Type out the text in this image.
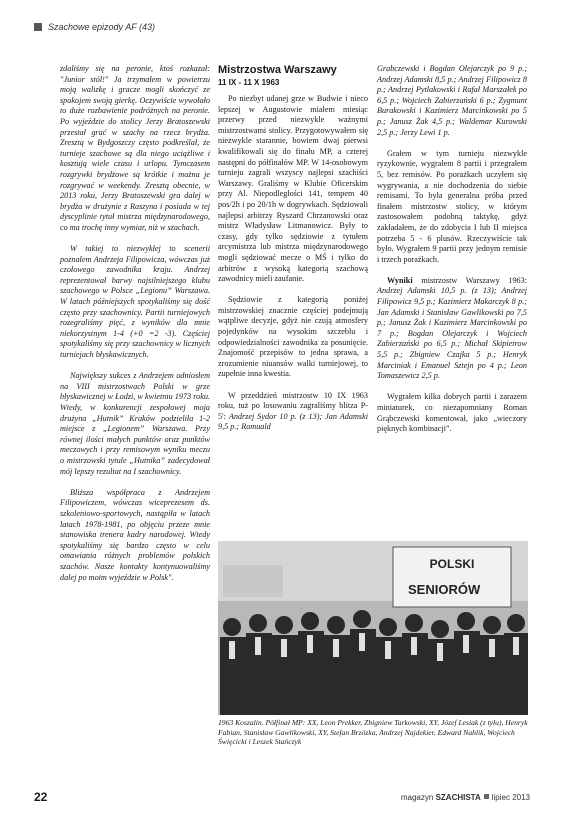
Szachowe epizody AF (43)

zdaliśmy się na peronie, ktoś rozkazał: "Junior stól!" Ja trzymałem w powietrzu moją walizkę i gracze mogli skończyć ze spokojem swoją gierkę. Oczywiście wywołało to duże rozbawienie podróżnych na peronie. Po wyjeździe do stolicy Jerzy Bratoszewski przestał grać w szachy na rzecz brydża. Zresztą w Bydgoszczy często podkreślał, że turnieje szachowe są dla niego uciążliwe i kosztują wiele czasu i urlopu. Tymczasem rozgrywki brydżowe są krótkie i można je rozgrywać w weekendy. Zresztą obecnie, w 2013 roku, Jerzy Bratoszewski gra dalej w brydża w drużynie z Raszyna i posiada w tej dyscyplinie tytuł mistrza międzynarodowego, co ma trochę inny wymiar, niż w szachach.

W takiej to niezwykłej to scenerii poznałem Andrzeja Filipowicza, wówczas już czołowego zawodnika kraju. Andrzej reprezentował barwy najsilniejszego klubu szachowego w Polsce „Legionu” Warszawa. W latach późniejszych spotykaliśmy się dość często przy szachownicy. Partii turniejowych rozegraliśmy pięć, z wyników dla mnie niekorzystnym 1-4 (+0 =2 -3). Częściej spotykaliśmy się przy szachownicy w licznych turniejach błyskawicznych.

Największy sukces z Andrzejem odniosłem na VIII mistrzostwach Polski w grze błyskawicznej w Łodzi, w kwietniu 1973 roku. Wtedy, w konkurencji zespołowej moja drużyna „Hutnik” Kraków podzieliła 1-2 miejsce z „Legionem” Warszawa. Przy równej ilości małych punktów oraz punktów meczowych i przy remisowym wyniku meczu o mistrzowski tytule „Hutnika” zadecydował mój lepszy rezultat na I szachownicy.

Bliższa współpraca z Andrzejem Filipowiczem, wówczas wiceprezesem ds. szkoleniowo-sportowych, nastąpiła w latach latach 1978-1981, po objęciu przeze mnie stanowiska trenera kadry narodowej. Wtedy spotykaliśmy się bardzo często w celu omawiania różnych problemów polskich szachów. Nasze kontakty kontynuowaliśmy dalej po moim wyjeździe w Polsk".

Mistrzostwa Warszawy
11 IX - 11 X 1963

Po niezbyt udanej grze w Budwie i nieco lepszej w Augustowie miałem miesiąc przerwy przed niezwykle ważnymi mistrzostwami stolicy. Przygotowywałem się niezwykle starannie, bowiem dwaj pierwsi kwalifikowali się do finału MP, a czterej następni do półfinałów MP. W 14-osobowym turnieju zagrali wszyscy najlepsi szachiści Warszawy. Graliśmy w Klubie Oficerskim przy Al. Niepodległości 141, tempem 40 pos/2h i po 20/1h w dogrywkach. Sędziowali najlepsi arbitrzy Ryszard Chrzanowski oraz mistrz Władysław Litmanowicz. Były to czasy, gdy tylko sędziowie z tytułem arcymistrza lub mistrza międzynarodowego mogli sędziować mecze o MŚ i tylko do arbitrów z wysoką kategorią szachową zawodnicy mieli zaufanie.

Sędziowie z kategorią poniżej mistrzowskiej znacznie częściej podejmują wątpliwe decyzje, gdyż nie czują atmosfery pojedynków na wysokim szczeblu i odpowiedzialności zawodnika za posunięcie. Znajomość przepisów to jedna sprawa, a zrozumienie niuansów walki turniejowej, to zupełnie inna kwestia.

W przeddzień mistrzostw 10 IX 1963 roku, tuż po losowaniu zagraliśmy blitza P-5': Andrzej Sydor 10 p. (z 13); Jan Adamski 9,5 p.; Romuald

Grabczewski i Bogdan Olejarczyk po 9 p.; Andrzej Adamski 8,5 p.; Andrzej Filipowicz 8 p.; Andrzej Pytlakowski i Rafał Marszałek po 6,5 p.; Wojciech Zabierzański 6 p.; Zygmunt Burakowski i Kazimierz Marcinkowski po 5 p.; Janusz Żak 4,5 p.; Waldemar Kurowski 2,5 p.; Jerzy Lewi 1 p.

Grałem w tym turnieju niezwykle ryzykownie, wygrałem 8 partii i przegrałem 5, bez remisów. Po porażkach uczyłem się wygrywania, a nie dochodzenia do siebie remisami. To była generalna próba przed finałem mistrzostw stolicy, w którym zastosowałem podobną taktykę, gdyż zakładałem, że do zdobycia I lub II miejsca potrzeba 5 - 6 plusów. Rzeczywiście tak było. Wygrałem 9 partii przy jednym remisie i trzech porażkach.

Wyniki mistrzostw Warszawy 1963: Andrzej Adamski 10,5 p. (z 13); Andrzej Filipowicz 9,5 p.; Kazimierz Makarczyk 8 p.; Jan Adamski i Stanisław Gawlikowski po 7,5 p.; Janusz Żak i Kazimierz Marcinkowski po 7 p.; Bogdan Olejarczyk i Wojciech Zabierzański po 6,5 p.; Michał Skipietrow 5,5 p.; Zbigniew Czajka 5 p.; Henryk Marciniak i Emanuel Sztejn po 4 p.; Leon Tomaszewicz 2,5 p.

Wygrałem kilka dobrych partii i zarazem miniaturek, co niezapomniany Roman Grąbczewski komentował, jako „wieczory pięknych kombinacji”.

POLSKI
SENIORÓW
1963 Koszalin. Półfinał MP: XX, Leon Prekker, Zbigniew Tarkowski, XY, Józef Lesiak (z tyłu), Henryk Fabian, Stanisław Gawlikowski, XY, Stefan Brzózka, Andrzej Najdekier, Edward Nahlik, Wojciech Święcicki i Leszek Stańczyk
22	magazyn SZACHISTA lipiec 2013
